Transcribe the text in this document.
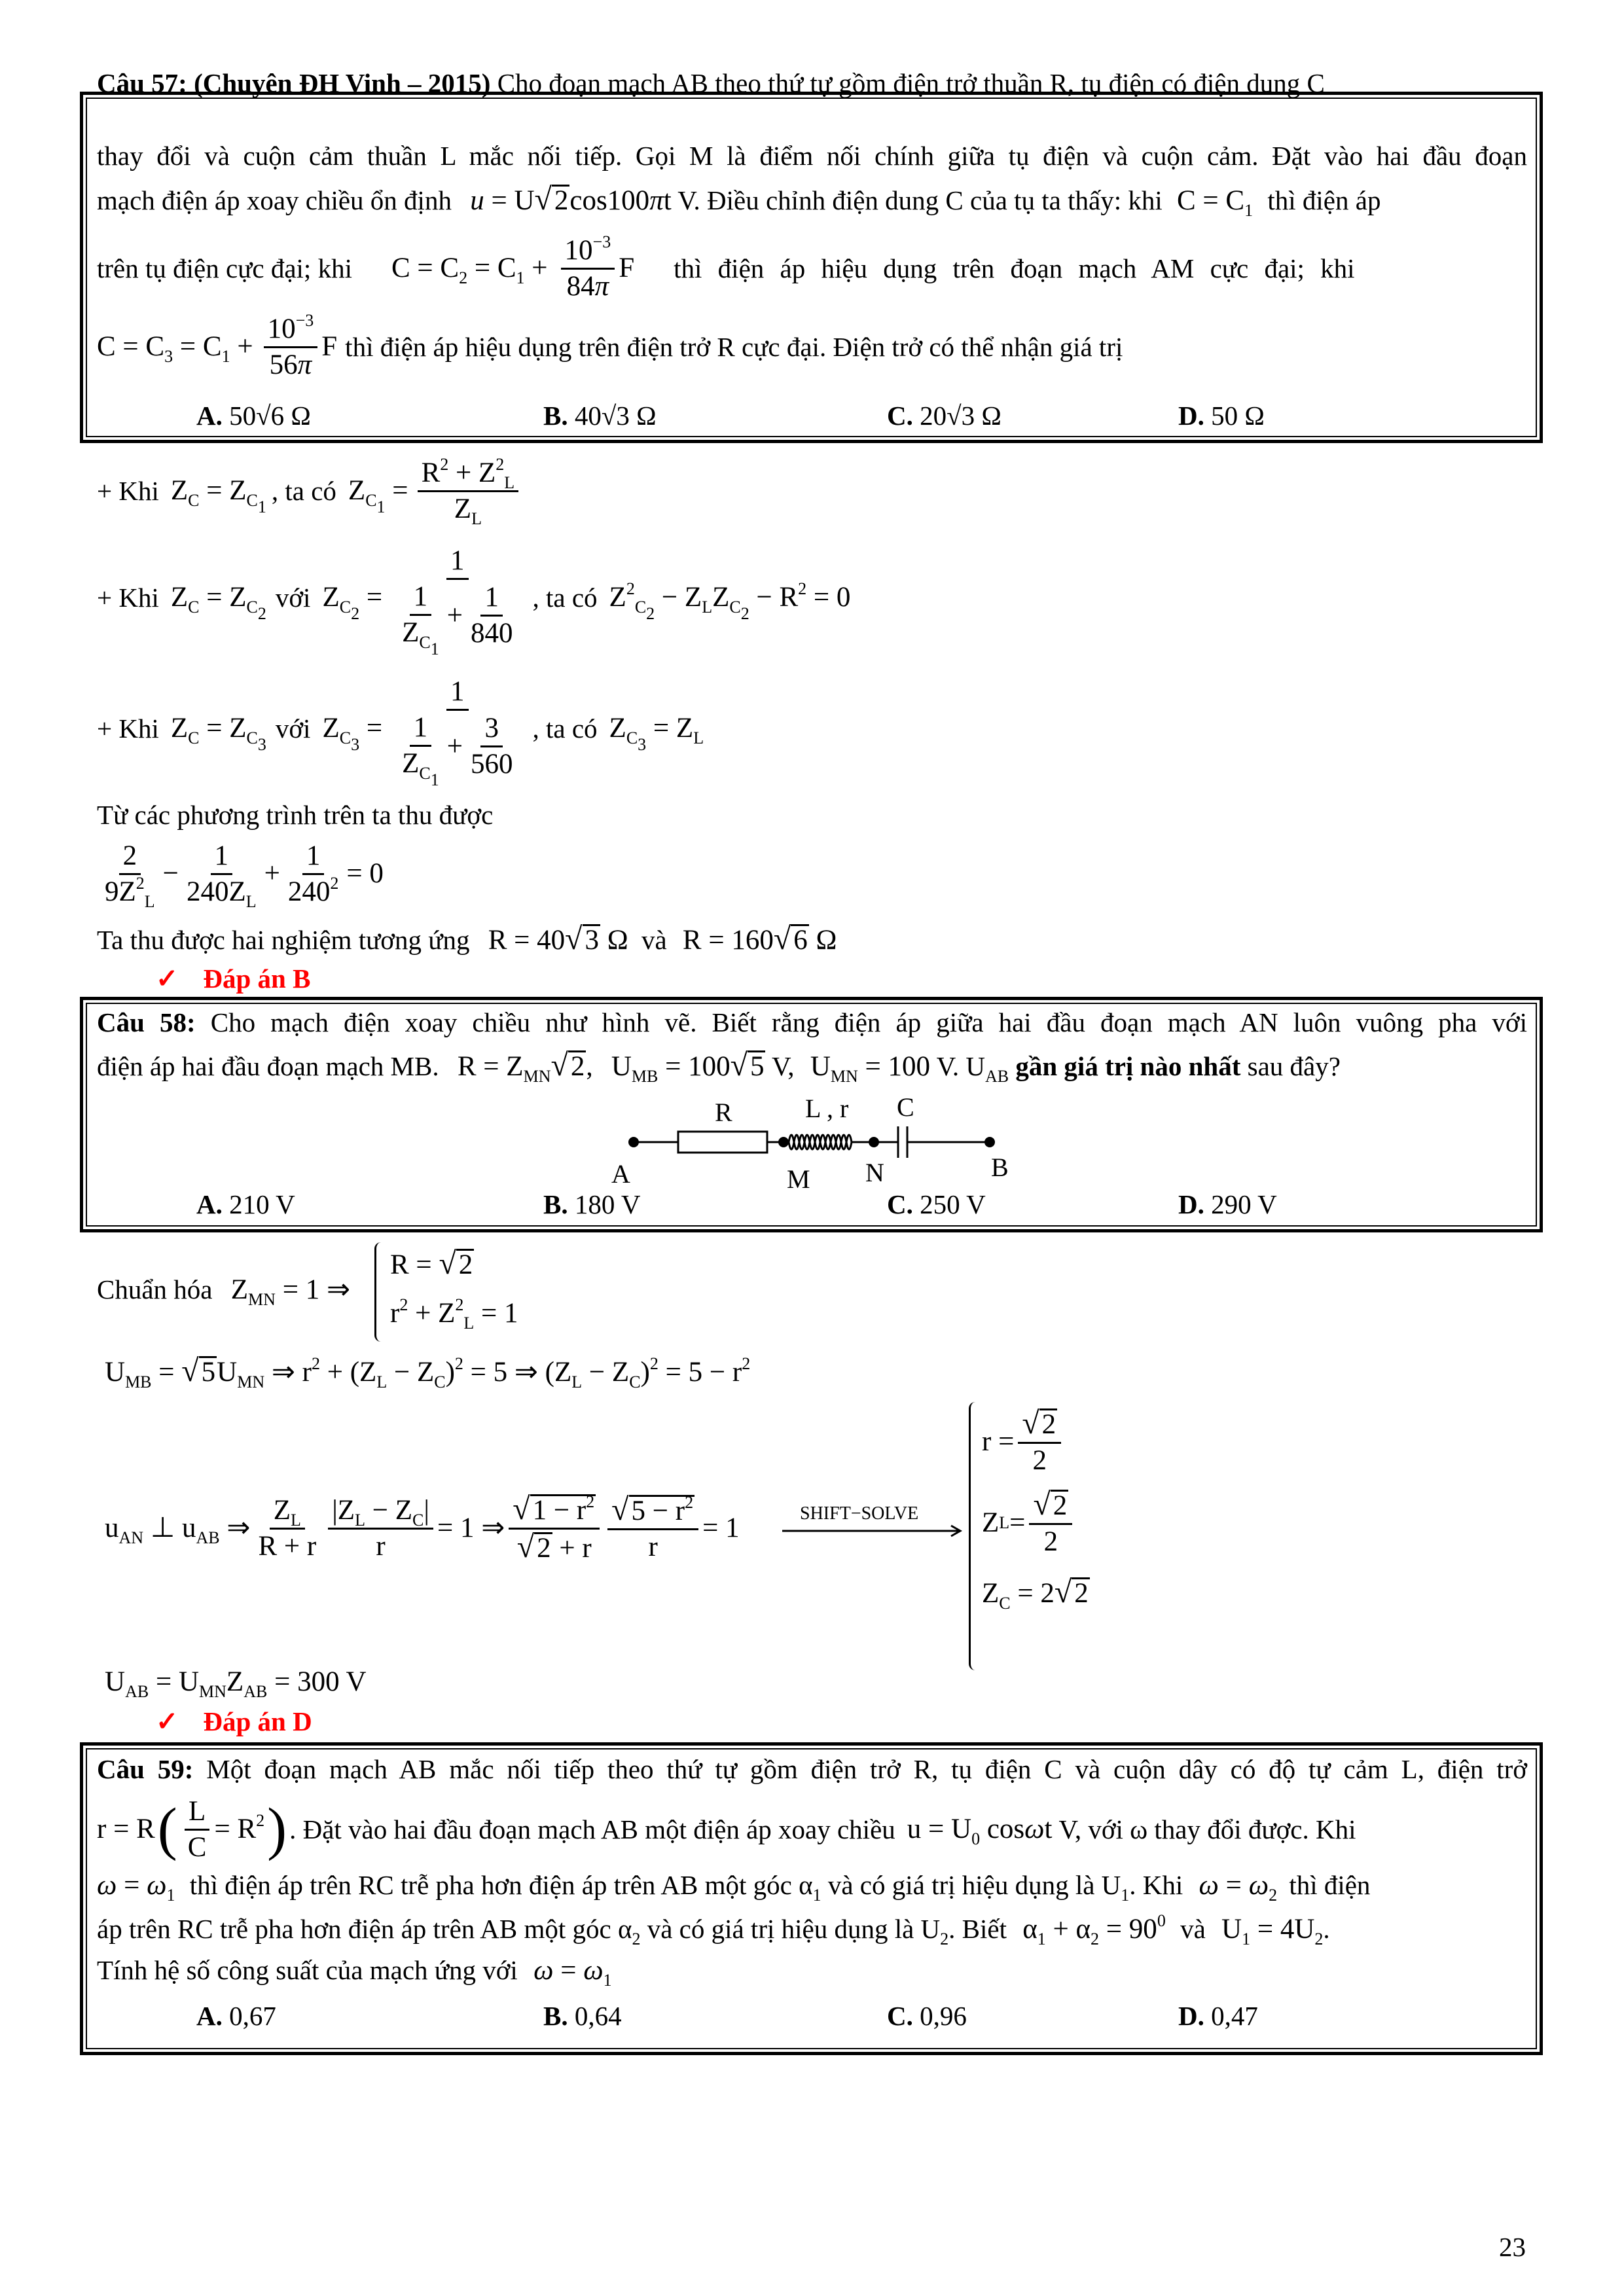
Câu 57: (Chuyên ĐH Vinh – 2015) Cho đoạn mạch AB theo thứ tự gồm điện trở thuần R, tụ điện có điện dung C
thay đổi và cuộn cảm thuần L mắc nối tiếp. Gọi M là điểm nối chính giữa tụ điện và cuộn cảm. Đặt vào hai đầu đoạn
mạch điện áp xoay chiều ổn định u = U√2cos100πt V. Điều chỉnh điện dung C của tụ ta thấy: khi $C = C_1$ thì điện áp
trên tụ điện cực đại; khi $C = C_2 = C_1 + \frac{10^{-3}}{84\pi}$ F thì điện áp hiệu dụng trên đoạn mạch AM cực đại; khi
$C = C_3 = C_1 + \frac{10^{-3}}{56\pi}$ F thì điện áp hiệu dụng trên điện trở R cực đại. Điện trở có thể nhận giá trị
A. 50√6 Ω	B. 40√3 Ω	C. 20√3 Ω	D. 50 Ω
+ Khi $Z_C = Z_{C_1}$
, ta có $Z_{C_1} = \frac{R^2 + Z^2_L}{Z_L}$
+ Khi $Z_C = Z_{C_2}$
với $Z_{C_2} = \frac{1}{\frac{1}{Z_{C_1}} + \frac{1}{840}}$ , ta có $Z^2_{C_2} - Z_LZ_{C_2} - R^2 = 0$
+ Khi $Z_C = Z_{C_3}$
với $Z_{C_3} = \frac{1}{\frac{1}{Z_{C_1}} + \frac{3}{560}}$ , ta có $Z_{C_3} = Z_L$
Từ các phương trình trên ta thu được
$\frac{2}{9Z^2_L} - \frac{1}{240Z_L} + \frac{1}{240^2} = 0$
Ta thu được hai nghiệm tương ứng R = 40√3 Ω và R = 160√6 Ω
✓ Đáp án B
Câu 58: Cho mạch điện xoay chiều như hình vẽ. Biết rằng điện áp giữa hai đầu đoạn mạch AN luôn vuông pha với
điện áp hai đầu đoạn mạch MB. $R = Z_{MN}√2$, $U_{MB} = 100√5$ V, $U_{MN} = 100$ V. $U_{AB}$ gần giá trị nào nhất sau đây?
R	L , r C
A	M N	B
A. 210 V	B. 180 V	C. 250 V	D. 290 V
Chuẩn hóa $Z_{MN} = 1$ ⇒
R = √2
$r^2 + Z^2_L = 1$
$U_{MB} = √5U_{MN}$ ⇒ $r^2 + (Z_L - Z_C)^2 = 5$ ⇒ $(Z_L - Z_C)^2 = 5 - r^2$
$u_{AN}$ ⊥ $u_{AB}$ ⇒ $\frac{Z_L}{R + r} \frac{|Z_L - Z_C|}{r} = 1$ ⇒ $\frac{√1 - r^2}{√2 + r} \frac{√5 - r^2}{r} = 1$	SHIFT−SOLVE
$r = \frac{√2}{2}$
Z $L = \frac{√2}{2}$
$Z_C = 2√2$
$U_{AB} = U_{MN}Z_{AB} = 300$ V
✓ Đáp án D
Câu 59: Một đoạn mạch AB mắc nối tiếp theo thứ tự gồm điện trở R, tụ điện C và cuộn dây có độ tự cảm L, điện trở
r = R ( $\frac{L}{C} = R^2$ ) . Đặt vào hai đầu đoạn mạch AB một điện áp xoay chiều $u = U_0$ cosωt V, với ω thay đổi được. Khi
$\omega = \omega_1$ thì điện áp trên RC trễ pha hơn điện áp trên AB một góc $\alpha_1$ và có giá trị hiệu dụng là $U_1$. Khi $\omega = \omega_2$ thì điện
áp trên RC trễ pha hơn điện áp trên AB một góc $\alpha_2$ và có giá trị hiệu dụng là $U_2$. Biết $\alpha_1 + \alpha_2 = 90^0$ và $U_1 = 4U_2$.
Tính hệ số công suất của mạch ứng với $\omega = \omega_1$
A. 0,67	B. 0,64	C. 0,96	D. 0,47
23
